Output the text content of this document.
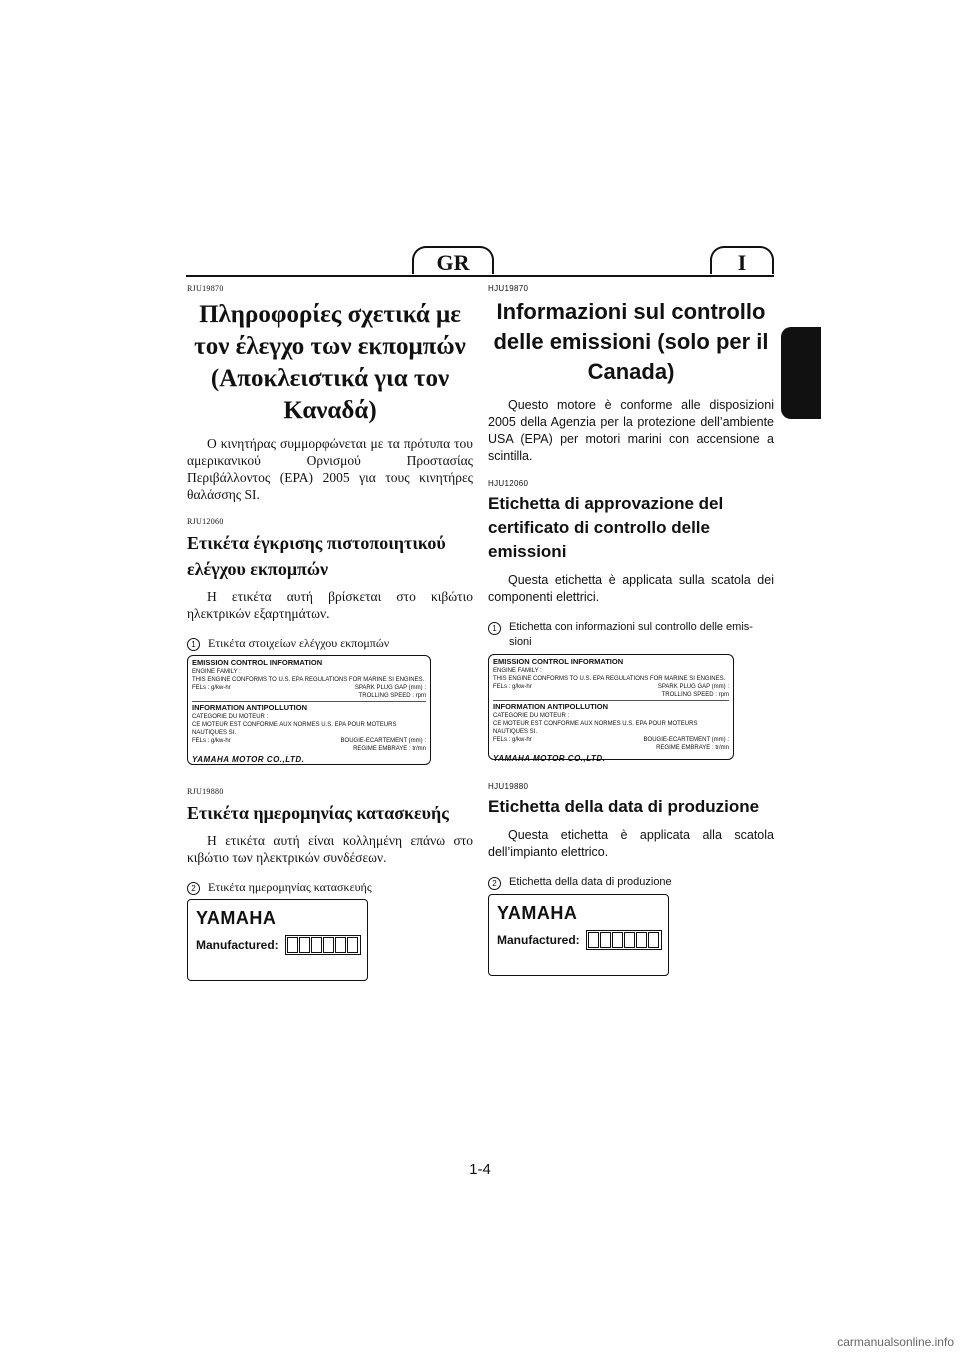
GR	I
RJU19870
Πληροφορίες σχετικά με τον έλεγχο των εκπομπών (Αποκλειστικά για τον Καναδά)
Ο κινητήρας συμμορφώνεται με τα πρότυπα του αμερικανικού Ορνισμού Προστασίας Περιβάλλοντος (EPA) 2005 για τους κινητήρες θαλάσσης SI.
RJU12060
Ετικέτα έγκρισης πιστοποιητικού ελέγχου εκπομπών
Η ετικέτα αυτή βρίσκεται στο κιβώτιο ηλεκτρικών εξαρτημάτων.
1	Ετικέτα στοιχείων ελέγχου εκπομπών
EMISSION CONTROL INFORMATION
ENGINE FAMILY :
THIS ENGINE CONFORMS TO U.S. EPA REGULATIONS FOR MARINE SI ENGINES.
FELs : g/kw-hr	SPARK PLUG GAP (mm) :
TROLLING SPEED : rpm
INFORMATION ANTIPOLLUTION
CATEGORIE DU MOTEUR :
CE MOTEUR EST CONFORME AUX NORMES U.S. EPA POUR MOTEURS NAUTIQUES SI.
FELs : g/kw-hr	BOUGIE-ECARTEMENT (mm) :
REGIME EMBRAYE : tr/mn
YAMAHA MOTOR CO.,LTD.
RJU19880
Ετικέτα ημερομηνίας κατασκευής
Η ετικέτα αυτή είναι κολλημένη επάνω στο κιβώτιο των ηλεκτρικών συνδέσεων.
2	Ετικέτα ημερομηνίας κατασκευής
YAMAHA
Manufactured:
HJU19870
Informazioni sul controllo delle emissioni (solo per il Canada)
Questo motore è conforme alle disposizioni 2005 della Agenzia per la protezione dell’ambiente USA (EPA) per motori marini con accensione a scintilla.
HJU12060
Etichetta di approvazione del certificato di controllo delle emissioni
Questa etichetta è applicata sulla scatola dei componenti elettrici.
1	Etichetta con informazioni sul controllo delle emis-sioni
EMISSION CONTROL INFORMATION
ENGINE FAMILY :
THIS ENGINE CONFORMS TO U.S. EPA REGULATIONS FOR MARINE SI ENGINES.
FELs : g/kw-hr	SPARK PLUG GAP (mm) :
TROLLING SPEED : rpm
INFORMATION ANTIPOLLUTION
CATEGORIE DU MOTEUR :
CE MOTEUR EST CONFORME AUX NORMES U.S. EPA POUR MOTEURS NAUTIQUES SI.
FELs : g/kw-hr	BOUGIE-ECARTEMENT (mm) :
REGIME EMBRAYE : tr/mn
YAMAHA MOTOR CO.,LTD.
HJU19880
Etichetta della data di produzione
Questa etichetta è applicata alla scatola dell’impianto elettrico.
2	Etichetta della data di produzione
YAMAHA
Manufactured:
1-4
carmanualsonline.info
